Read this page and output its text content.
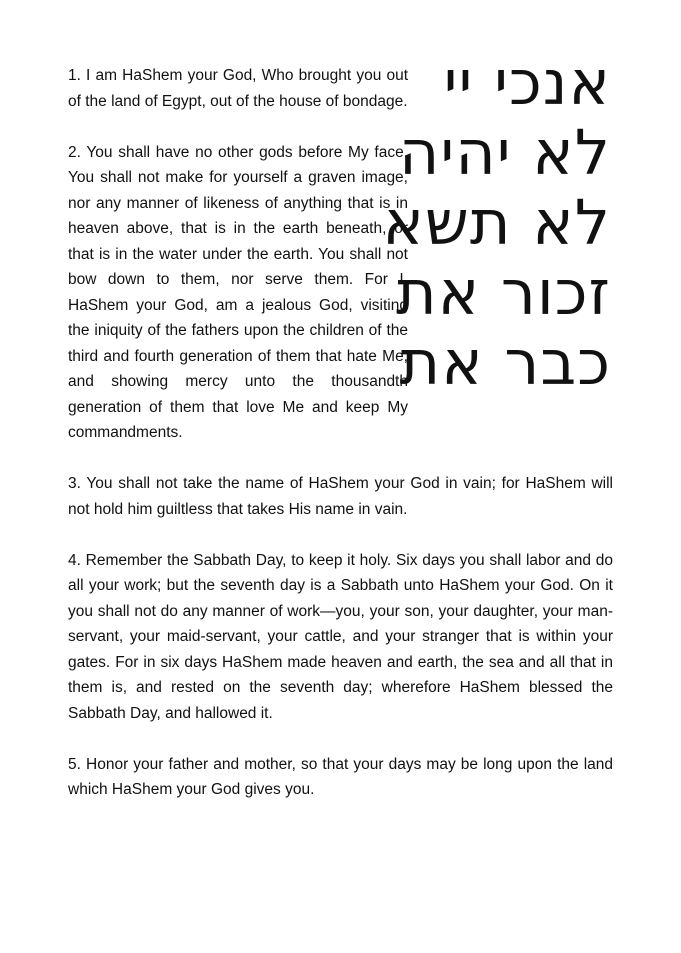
אנכי יי
לא יהיה
לא תשא
זכור את
כבר את

1. I am HaShem your God, Who brought you out of the land of Egypt, out of the house of bondage.

2. You shall have no other gods before My face. You shall not make for yourself a graven image, nor any manner of likeness of anything that is in heaven above, that is in the earth beneath, or that is in the water under the earth. You shall not bow down to them, nor serve them. For I, HaShem your God, am a jealous God, visiting the iniquity of the fathers upon the children of the third and fourth generation of them that hate Me; and showing mercy unto the thousandth generation of them that love Me and keep My commandments.

3. You shall not take the name of HaShem your God in vain; for HaShem will not hold him guiltless that takes His name in vain.

4. Remember the Sabbath Day, to keep it holy. Six days you shall labor and do all your work; but the seventh day is a Sabbath unto HaShem your God. On it you shall not do any manner of work—you, your son, your daughter, your man-servant, your maid-servant, your cattle, and your stranger that is within your gates. For in six days HaShem made heaven and earth, the sea and all that in them is, and rested on the seventh day; wherefore HaShem blessed the Sabbath Day, and hallowed it.

5. Honor your father and mother, so that your days may be long upon the land which HaShem your God gives you.
